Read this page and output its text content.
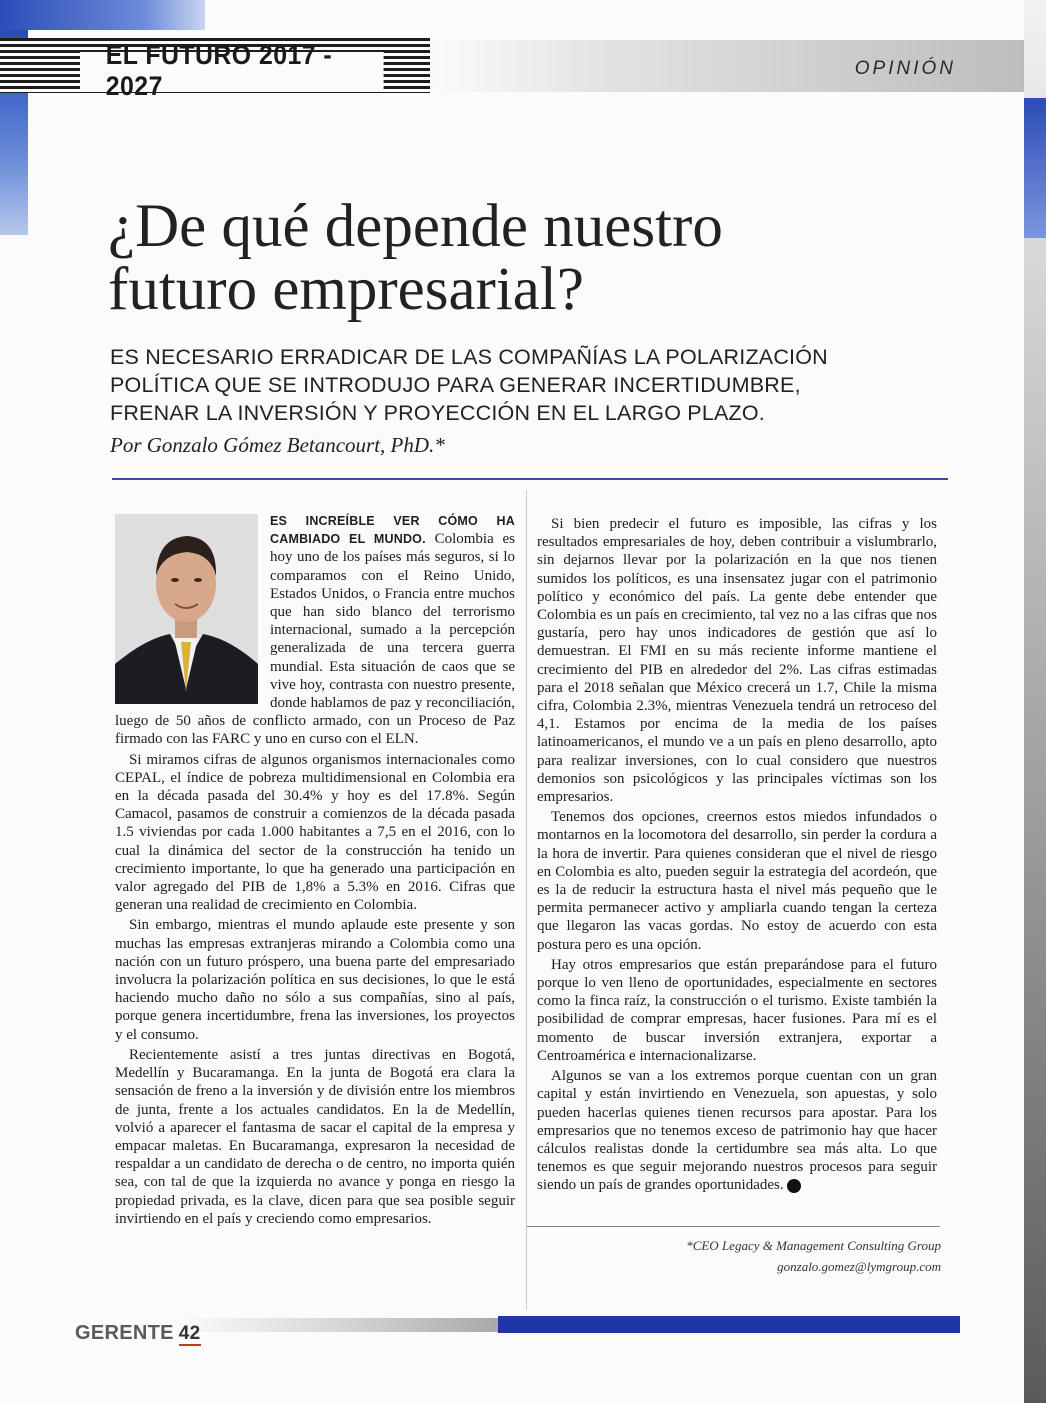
EL FUTURO 2017 - 2027
OPINIÓN
¿De qué depende nuestro
futuro empresarial?
ES NECESARIO ERRADICAR DE LAS COMPAÑÍAS LA POLARIZACIÓN
POLÍTICA QUE SE INTRODUJO PARA GENERAR INCERTIDUMBRE,
FRENAR LA INVERSIÓN Y PROYECCIÓN EN EL LARGO PLAZO.
Por Gonzalo Gómez Betancourt, PhD.*

ES INCREÍBLE VER CÓMO HA CAMBIADO EL MUNDO. Colombia es hoy uno de los países más seguros, si lo comparamos con el Reino Unido, Estados Unidos, o Francia entre muchos que han sido blanco del terrorismo internacional, sumado a la percepción generalizada de una tercera guerra mundial. Esta situación de caos que se vive hoy, contrasta con nuestro presente, donde hablamos de paz y reconciliación, luego de 50 años de conflicto armado, con un Proceso de Paz firmado con las FARC y uno en curso con el ELN.

Si miramos cifras de algunos organismos internacionales como CEPAL, el índice de pobreza multidimensional en Colombia era en la década pasada del 30.4% y hoy es del 17.8%. Según Camacol, pasamos de construir a comienzos de la década pasada 1.5 viviendas por cada 1.000 habitantes a 7,5 en el 2016, con lo cual la dinámica del sector de la construcción ha tenido un crecimiento importante, lo que ha generado una participación en valor agregado del PIB de 1,8% a 5.3% en 2016. Cifras que generan una realidad de crecimiento en Colombia.

Sin embargo, mientras el mundo aplaude este presente y son muchas las empresas extranjeras mirando a Colombia como una nación con un futuro próspero, una buena parte del empresariado involucra la polarización política en sus decisiones, lo que le está haciendo mucho daño no sólo a sus compañías, sino al país, porque genera incertidumbre, frena las inversiones, los proyectos y el consumo.

Recientemente asistí a tres juntas directivas en Bogotá, Medellín y Bucaramanga. En la junta de Bogotá era clara la sensación de freno a la inversión y de división entre los miembros de junta, frente a los actuales candidatos. En la de Medellín, volvió a aparecer el fantasma de sacar el capital de la empresa y empacar maletas. En Bucaramanga, expresaron la necesidad de respaldar a un candidato de derecha o de centro, no importa quién sea, con tal de que la izquierda no avance y ponga en riesgo la propiedad privada, es la clave, dicen para que sea posible seguir invirtiendo en el país y creciendo como empresarios.

Si bien predecir el futuro es imposible, las cifras y los resultados empresariales de hoy, deben contribuir a vislumbrarlo, sin dejarnos llevar por la polarización en la que nos tienen sumidos los políticos, es una insensatez jugar con el patrimonio político y económico del país. La gente debe entender que Colombia es un país en crecimiento, tal vez no a las cifras que nos gustaría, pero hay unos indicadores de gestión que así lo demuestran. El FMI en su más reciente informe mantiene el crecimiento del PIB en alrededor del 2%. Las cifras estimadas para el 2018 señalan que México crecerá un 1.7, Chile la misma cifra, Colombia 2.3%, mientras Venezuela tendrá un retroceso del 4,1. Estamos por encima de la media de los países latinoamericanos, el mundo ve a un país en pleno desarrollo, apto para realizar inversiones, con lo cual considero que nuestros demonios son psicológicos y las principales víctimas son los empresarios.

Tenemos dos opciones, creernos estos miedos infundados o montarnos en la locomotora del desarrollo, sin perder la cordura a la hora de invertir. Para quienes consideran que el nivel de riesgo en Colombia es alto, pueden seguir la estrategia del acordeón, que es la de reducir la estructura hasta el nivel más pequeño que le permita permanecer activo y ampliarla cuando tengan la certeza que llegaron las vacas gordas. No estoy de acuerdo con esta postura pero es una opción.

Hay otros empresarios que están preparándose para el futuro porque lo ven lleno de oportunidades, especialmente en sectores como la finca raíz, la construcción o el turismo. Existe también la posibilidad de comprar empresas, hacer fusiones. Para mí es el momento de buscar inversión extranjera, exportar a Centroamérica e internacionalizarse.

Algunos se van a los extremos porque cuentan con un gran capital y están invirtiendo en Venezuela, son apuestas, y solo pueden hacerlas quienes tienen recursos para apostar. Para los empresarios que no tenemos exceso de patrimonio hay que hacer cálculos realistas donde la certidumbre sea más alta. Lo que tenemos es que seguir mejorando nuestros procesos para seguir siendo un país de grandes oportunidades. G

*CEO Legacy & Management Consulting Group
gonzalo.gomez@lymgroup.com
GERENTE 42
